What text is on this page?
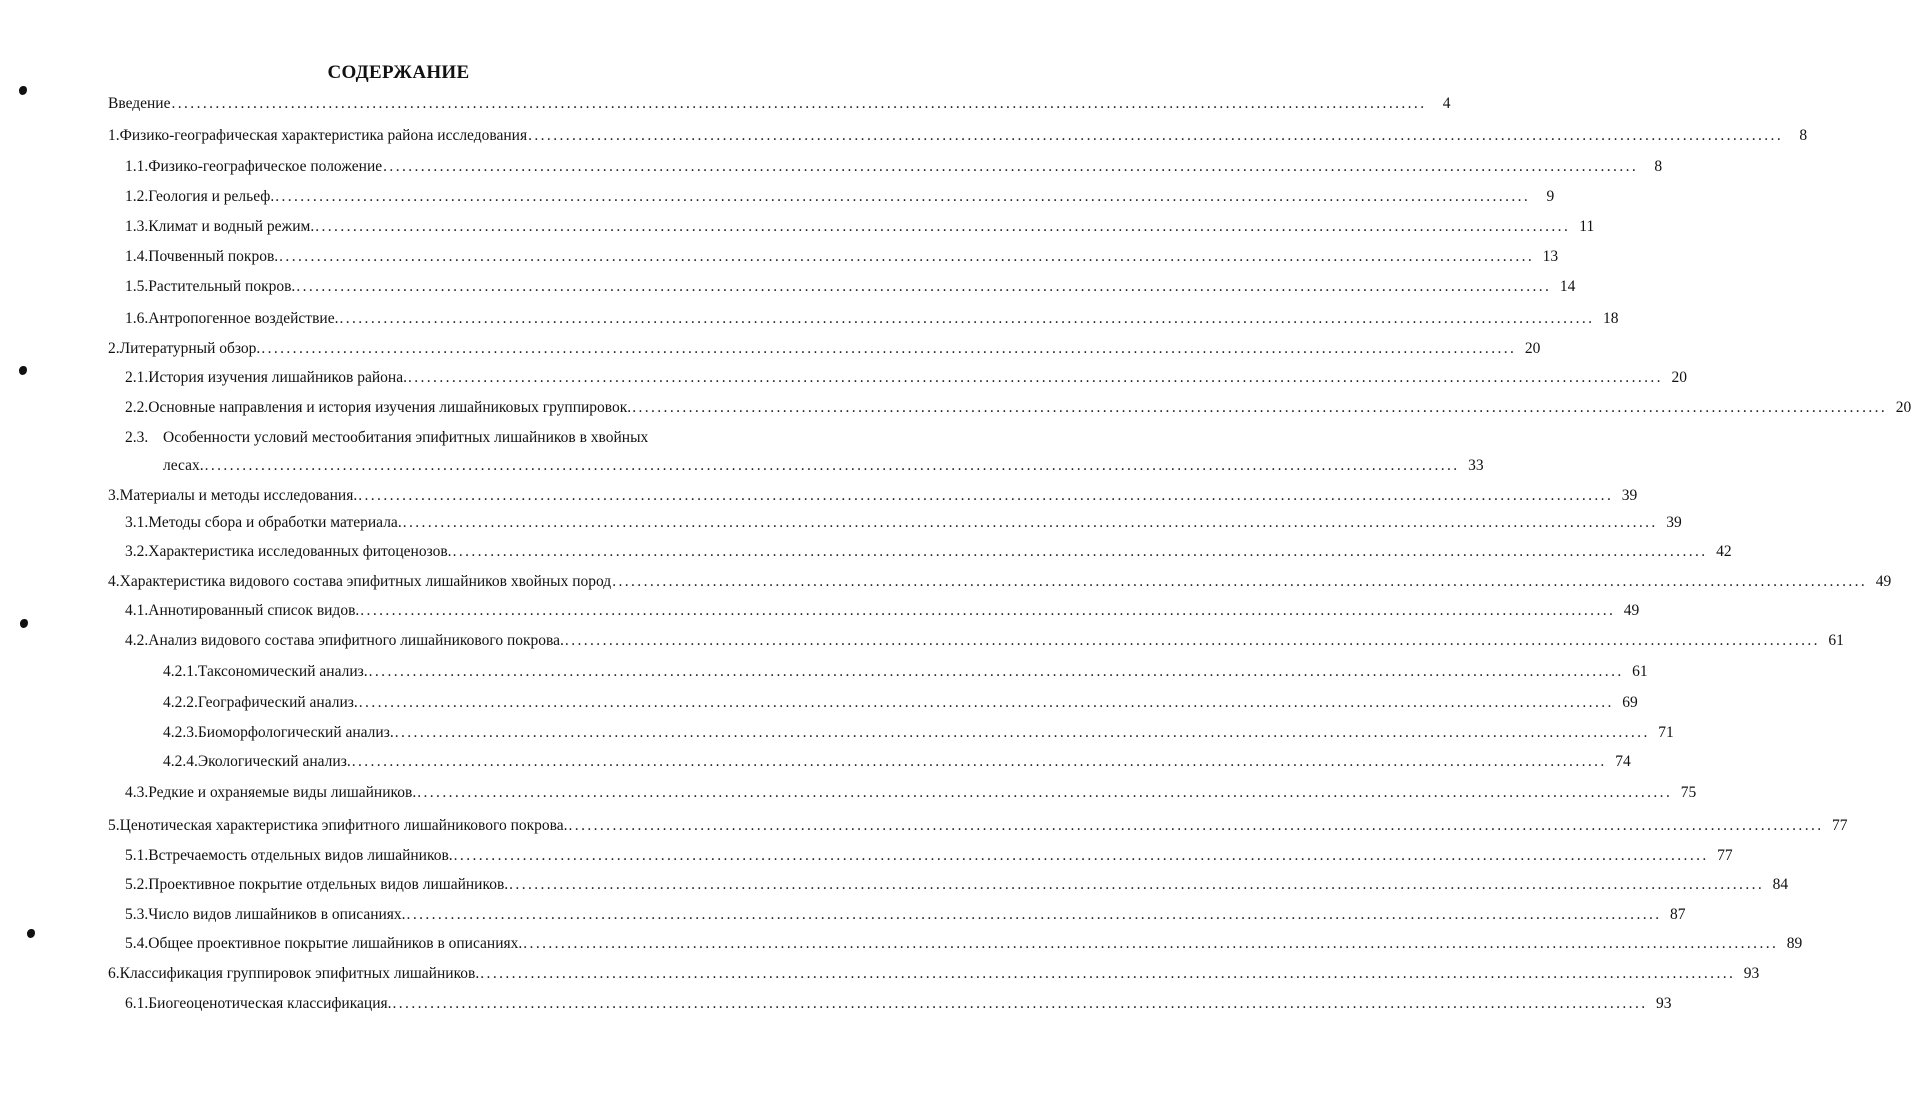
СОДЕРЖАНИЕ
Введение ........................................................................................................................................................................................................	4
1. Физико-географическая характеристика района исследования ........................................................................................................................................................................................................	8
1.1. Физико-географическое положение ........................................................................................................................................................................................................	8
1.2. Геология и рельеф. ........................................................................................................................................................................................................	9
1.3. Климат и водный режим. ........................................................................................................................................................................................................ 11
1.4. Почвенный покров. ........................................................................................................................................................................................................ 13
1.5. Растительный покров. ........................................................................................................................................................................................................ 14
1.6. Антропогенное воздействие. ........................................................................................................................................................................................................ 18
2. Литературный обзор. ........................................................................................................................................................................................................ 20
2.1. История изучения лишайников района. ........................................................................................................................................................................................................ 20
2.2. Основные направления и история изучения лишайниковых группировок. ........................................................................................................................................................................................................ 20
2.3. Особенности условий местообитания эпифитных лишайников в хвойных
лесах. ........................................................................................................................................................................................................ 33
3. Материалы и методы исследования. ........................................................................................................................................................................................................ 39
3.1. Методы сбора и обработки материала. ........................................................................................................................................................................................................ 39
3.2. Характеристика исследованных фитоценозов. ........................................................................................................................................................................................................ 42
4. Характеристика видового состава эпифитных лишайников хвойных пород ........................................................................................................................................................................................................ 49
4.1. Аннотированный список видов. ........................................................................................................................................................................................................ 49
4.2. Анализ видового состава эпифитного лишайникового покрова. ........................................................................................................................................................................................................ 61
4.2.1. Таксономический анализ. ........................................................................................................................................................................................................ 61
4.2.2. Географический анализ. ........................................................................................................................................................................................................ 69
4.2.3. Биоморфологический анализ. ........................................................................................................................................................................................................ 71
4.2.4. Экологический анализ. ........................................................................................................................................................................................................ 74
4.3. Редкие и охраняемые виды лишайников. ........................................................................................................................................................................................................ 75
5. Ценотическая характеристика эпифитного лишайникового покрова. ........................................................................................................................................................................................................ 77
5.1. Встречаемость отдельных видов лишайников. ........................................................................................................................................................................................................ 77
5.2. Проективное покрытие отдельных видов лишайников. ........................................................................................................................................................................................................ 84
5.3. Число видов лишайников в описаниях. ........................................................................................................................................................................................................ 87
5.4. Общее проективное покрытие лишайников в описаниях. ........................................................................................................................................................................................................ 89
6. Классификация группировок эпифитных лишайников. ........................................................................................................................................................................................................ 93
6.1. Биогеоценотическая классификация. ........................................................................................................................................................................................................ 93
